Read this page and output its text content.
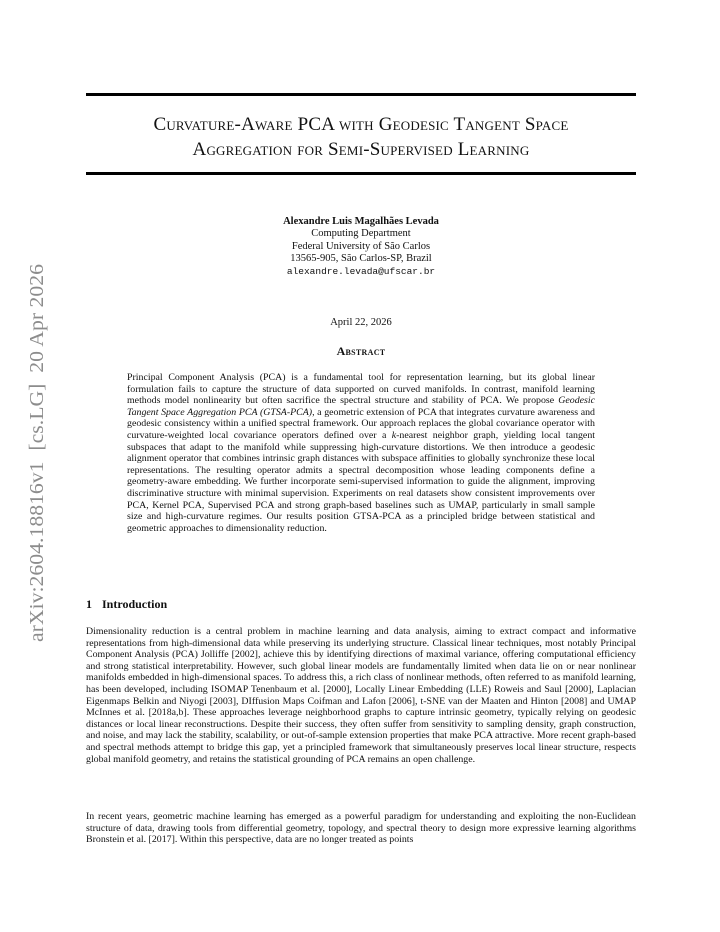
arXiv:2604.18816v1  [cs.LG]  20 Apr 2026
Curvature-Aware PCA with Geodesic Tangent Space
Aggregation for Semi-Supervised Learning
Alexandre Luis Magalhães Levada
Computing Department
Federal University of São Carlos
13565-905, São Carlos-SP, Brazil
alexandre.levada@ufscar.br
April 22, 2026
Abstract
Principal Component Analysis (PCA) is a fundamental tool for representation learning, but its global linear formulation fails to capture the structure of data supported on curved manifolds. In contrast, manifold learning methods model nonlinearity but often sacrifice the spectral structure and stability of PCA. We propose Geodesic Tangent Space Aggregation PCA (GTSA-PCA), a geometric extension of PCA that integrates curvature awareness and geodesic consistency within a unified spectral framework. Our approach replaces the global covariance operator with curvature-weighted local covariance operators defined over a k-nearest neighbor graph, yielding local tangent subspaces that adapt to the manifold while suppressing high-curvature distortions. We then introduce a geodesic alignment operator that combines intrinsic graph distances with subspace affinities to globally synchronize these local representations. The resulting operator admits a spectral decomposition whose leading components define a geometry-aware embedding. We further incorporate semi-supervised information to guide the alignment, improving discriminative structure with minimal supervision. Experiments on real datasets show consistent improvements over PCA, Kernel PCA, Supervised PCA and strong graph-based baselines such as UMAP, particularly in small sample size and high-curvature regimes. Our results position GTSA-PCA as a principled bridge between statistical and geometric approaches to dimensionality reduction.
1 Introduction
Dimensionality reduction is a central problem in machine learning and data analysis, aiming to extract compact and informative representations from high-dimensional data while preserving its underlying structure. Classical linear techniques, most notably Principal Component Analysis (PCA) Jolliffe [2002], achieve this by identifying directions of maximal variance, offering computational efficiency and strong statistical interpretability. However, such global linear models are fundamentally limited when data lie on or near nonlinear manifolds embedded in high-dimensional spaces. To address this, a rich class of nonlinear methods, often referred to as manifold learning, has been developed, including ISOMAP Tenenbaum et al. [2000], Locally Linear Embedding (LLE) Roweis and Saul [2000], Laplacian Eigenmaps Belkin and Niyogi [2003], DIffusion Maps Coifman and Lafon [2006], t-SNE van der Maaten and Hinton [2008] and UMAP McInnes et al. [2018a,b]. These approaches leverage neighborhood graphs to capture intrinsic geometry, typically relying on geodesic distances or local linear reconstructions. Despite their success, they often suffer from sensitivity to sampling density, graph construction, and noise, and may lack the stability, scalability, or out-of-sample extension properties that make PCA attractive. More recent graph-based and spectral methods attempt to bridge this gap, yet a principled framework that simultaneously preserves local linear structure, respects global manifold geometry, and retains the statistical grounding of PCA remains an open challenge.
In recent years, geometric machine learning has emerged as a powerful paradigm for understanding and exploiting the non-Euclidean structure of data, drawing tools from differential geometry, topology, and spectral theory to design more expressive learning algorithms Bronstein et al. [2017]. Within this perspective, data are no longer treated as points
